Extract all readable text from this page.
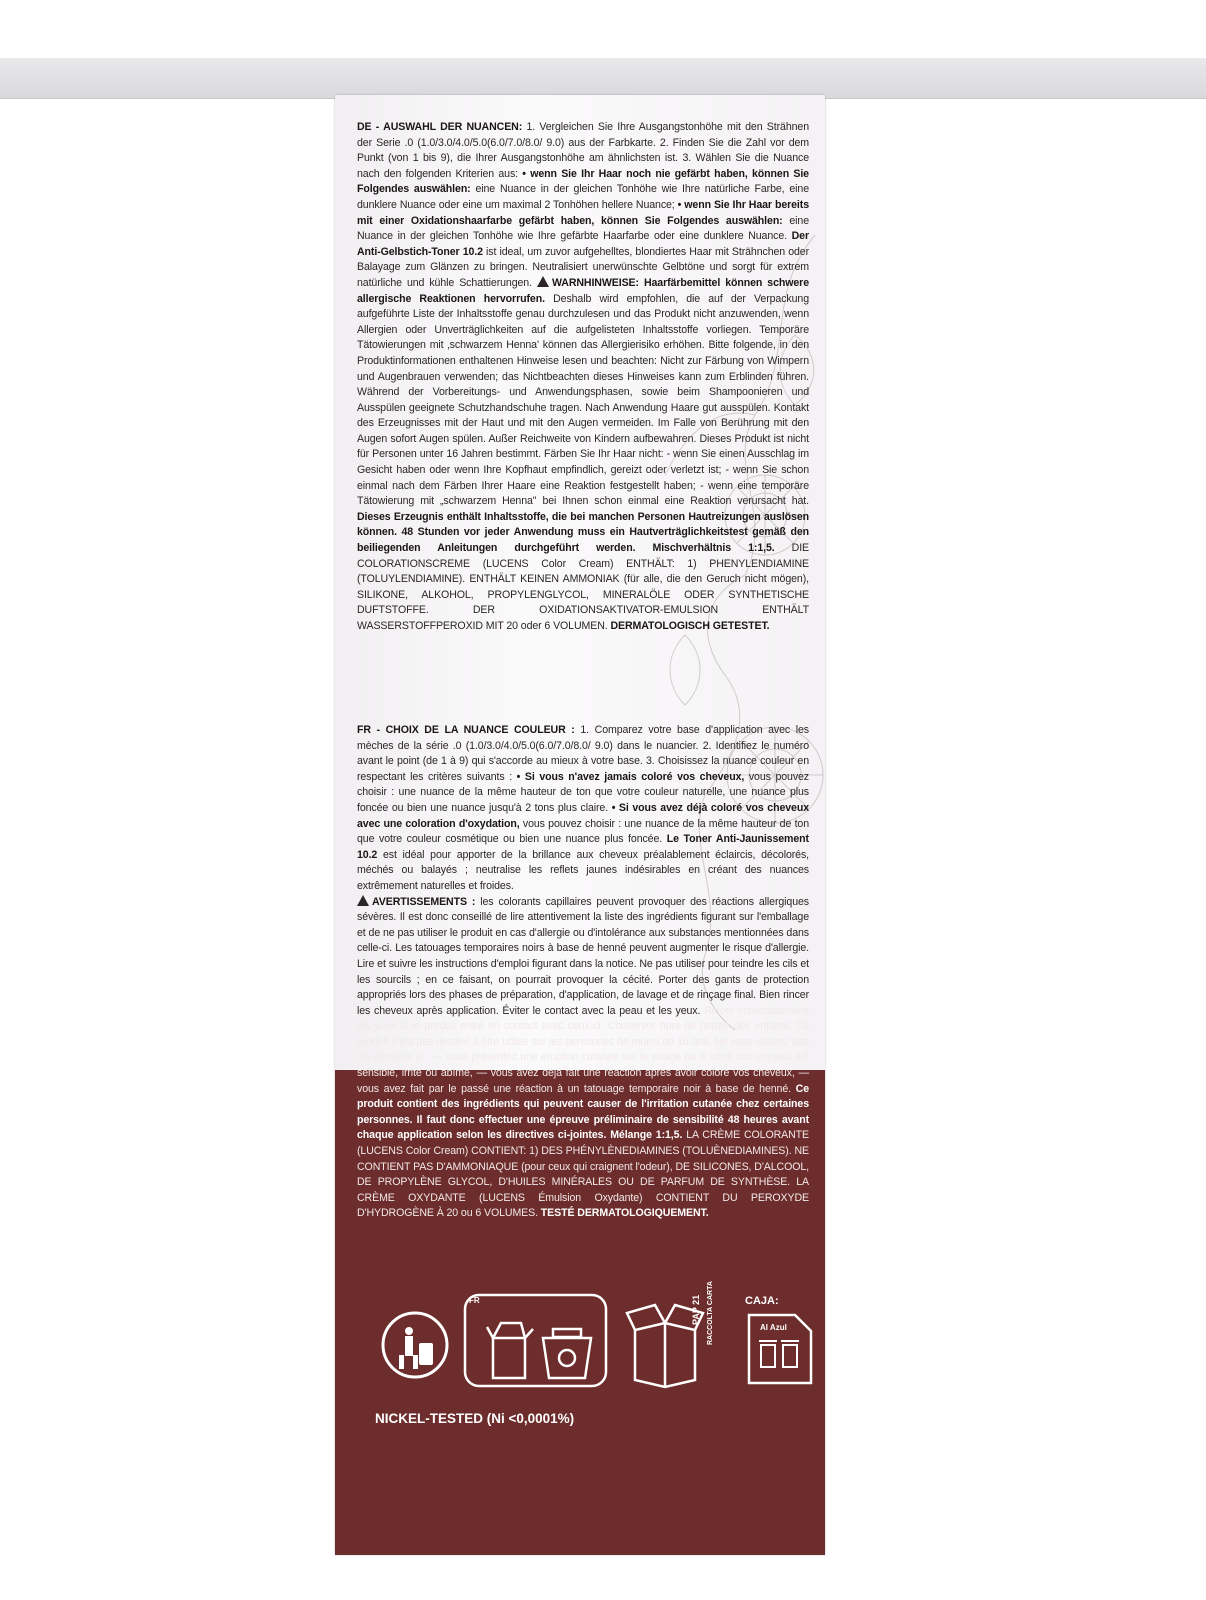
DE - AUSWAHL DER NUANCEN: 1. Vergleichen Sie Ihre Ausgangstonhöhe mit den Strähnen der Serie .0 (1.0/3.0/4.0/5.0(6.0/7.0/8.0/ 9.0) aus der Farbkarte. 2. Finden Sie die Zahl vor dem Punkt (von 1 bis 9), die Ihrer Ausgangstonhöhe am ähnlichsten ist. 3. Wählen Sie die Nuance nach den folgenden Kriterien aus: • wenn Sie Ihr Haar noch nie gefärbt haben, können Sie Folgendes auswählen: eine Nuance in der gleichen Tonhöhe wie Ihre natürliche Farbe, eine dunklere Nuance oder eine um maximal 2 Tonhöhen hellere Nuance; • wenn Sie Ihr Haar bereits mit einer Oxidationshaarfarbe gefärbt haben, können Sie Folgendes auswählen: eine Nuance in der gleichen Tonhöhe wie Ihre gefärbte Haarfarbe oder eine dunklere Nuance. Der Anti-Gelbstich-Toner 10.2 ist ideal, um zuvor aufgehelltes, blondiertes Haar mit Strähnchen oder Balayage zum Glänzen zu bringen. Neutralisiert unerwünschte Gelbtöne und sorgt für extrem natürliche und kühle Schattierungen. WARNHINWEISE: Haarfärbemittel können schwere allergische Reaktionen hervorrufen. Deshalb wird empfohlen, die auf der Verpackung aufgeführte Liste der Inhaltsstoffe genau durchzulesen und das Produkt nicht anzuwenden, wenn Allergien oder Unverträglichkeiten auf die aufgelisteten Inhaltsstoffe vorliegen. Temporäre Tätowierungen mit ‚schwarzem Henna' können das Allergierisiko erhöhen. Bitte folgende, in den Produktinformationen enthaltenen Hinweise lesen und beachten: Nicht zur Färbung von Wimpern und Augenbrauen verwenden; das Nichtbeachten dieses Hinweises kann zum Erblinden führen. Während der Vorbereitungs- und Anwendungsphasen, sowie beim Shampoonieren und Ausspülen geeignete Schutzhandschuhe tragen. Nach Anwendung Haare gut ausspülen. Kontakt des Erzeugnisses mit der Haut und mit den Augen vermeiden. Im Falle von Berührung mit den Augen sofort Augen spülen. Außer Reichweite von Kindern aufbewahren. Dieses Produkt ist nicht für Personen unter 16 Jahren bestimmt. Färben Sie Ihr Haar nicht: - wenn Sie einen Ausschlag im Gesicht haben oder wenn Ihre Kopfhaut empfindlich, gereizt oder verletzt ist; - wenn Sie schon einmal nach dem Färben Ihrer Haare eine Reaktion festgestellt haben; - wenn eine temporäre Tätowierung mit „schwarzem Henna" bei Ihnen schon einmal eine Reaktion verursacht hat. Dieses Erzeugnis enthält Inhaltsstoffe, die bei manchen Personen Hautreizungen auslösen können. 48 Stunden vor jeder Anwendung muss ein Hautverträglichkeitstest gemäß den beiliegenden Anleitungen durchgeführt werden. Mischverhältnis 1:1,5. DIE COLORATIONSCREME (LUCENS Color Cream) ENTHÄLT: 1) PHENYLENDIAMINE (TOLUYLENDIAMINE). ENTHÄLT KEINEN AMMONIAK (für alle, die den Geruch nicht mögen), SILIKONE, ALKOHOL, PROPYLENGLYCOL, MINERALÖLE ODER SYNTHETISCHE DUFTSTOFFE. DER OXIDATIONSAKTIVATOR-EMULSION ENTHÄLT WASSERSTOFFPEROXID MIT 20 oder 6 VOLUMEN. DERMATOLOGISCH GETESTET.
FR - CHOIX DE LA NUANCE COULEUR : 1. Comparez votre base d'application avec les mèches de la série .0 (1.0/3.0/4.0/5.0(6.0/7.0/8.0/ 9.0) dans le nuancier. 2. Identifiez le numéro avant le point (de 1 à 9) qui s'accorde au mieux à votre base. 3. Choisissez la nuance couleur en respectant les critères suivants : • Si vous n'avez jamais coloré vos cheveux, vous pouvez choisir : une nuance de la même hauteur de ton que votre couleur naturelle, une nuance plus foncée ou bien une nuance jusqu'à 2 tons plus claire. • Si vous avez déjà coloré vos cheveux avec une coloration d'oxydation, vous pouvez choisir : une nuance de la même hauteur de ton que votre couleur cosmétique ou bien une nuance plus foncée. Le Toner Anti-Jaunissement 10.2 est idéal pour apporter de la brillance aux cheveux préalablement éclaircis, décolorés, méchés ou balayés ; neutralise les reflets jaunes indésirables en créant des nuances extrêmement naturelles et froides.
AVERTISSEMENTS : les colorants capillaires peuvent provoquer des réactions allergiques sévères. Il est donc conseillé de lire attentivement la liste des ingrédients figurant sur l'emballage et de ne pas utiliser le produit en cas d'allergie ou d'intolérance aux substances mentionnées dans celle-ci. Les tatouages temporaires noirs à base de henné peuvent augmenter le risque d'allergie. Lire et suivre les instructions d'emploi figurant dans la notice. Ne pas utiliser pour teindre les cils et les sourcils ; en ce faisant, on pourrait provoquer la cécité. Porter des gants de protection appropriés lors des phases de préparation, d'application, de lavage et de rinçage final. Bien rincer les cheveux après application. Éviter le contact avec la peau et les yeux. Rincer immédiatement les yeux si le produit entre en contact avec ceux-ci. Conserver hors de portée des enfants. Ce produit n'est pas destiné à être utilisé sur les personnes de moins de 16 ans. Ne vous colorez pas les cheveux si : — vous présentez une éruption cutanée sur le visage ou si votre cuir chevelu est sensible, irrité ou abîmé, — vous avez déjà fait une réaction après avoir coloré vos cheveux, — vous avez fait par le passé une réaction à un tatouage temporaire noir à base de henné. Ce produit contient des ingrédients qui peuvent causer de l'irritation cutanée chez certaines personnes. Il faut donc effectuer une épreuve préliminaire de sensibilité 48 heures avant chaque application selon les directives ci-jointes. Mélange 1:1,5. LA CRÈME COLORANTE (LUCENS Color Cream) CONTIENT: 1) DES PHÉNYLÈNEDIAMINES (TOLUÈNEDIAMINES). NE CONTIENT PAS D'AMMONIAQUE (pour ceux qui craignent l'odeur), DE SILICONES, D'ALCOOL, DE PROPYLÈNE GLYCOL, D'HUILES MINÉRALES OU DE PARFUM DE SYNTHÈSE. LA CRÈME OXYDANTE (LUCENS Émulsion Oxydante) CONTIENT DU PEROXYDE D'HYDROGÈNE À 20 ou 6 VOLUMES. TESTÉ DERMATOLOGIQUEMENT.
FR	PAP 21 RACCOLTA CARTA	CAJA:
Al Azul
NICKEL-TESTED (Ni <0,0001%)
